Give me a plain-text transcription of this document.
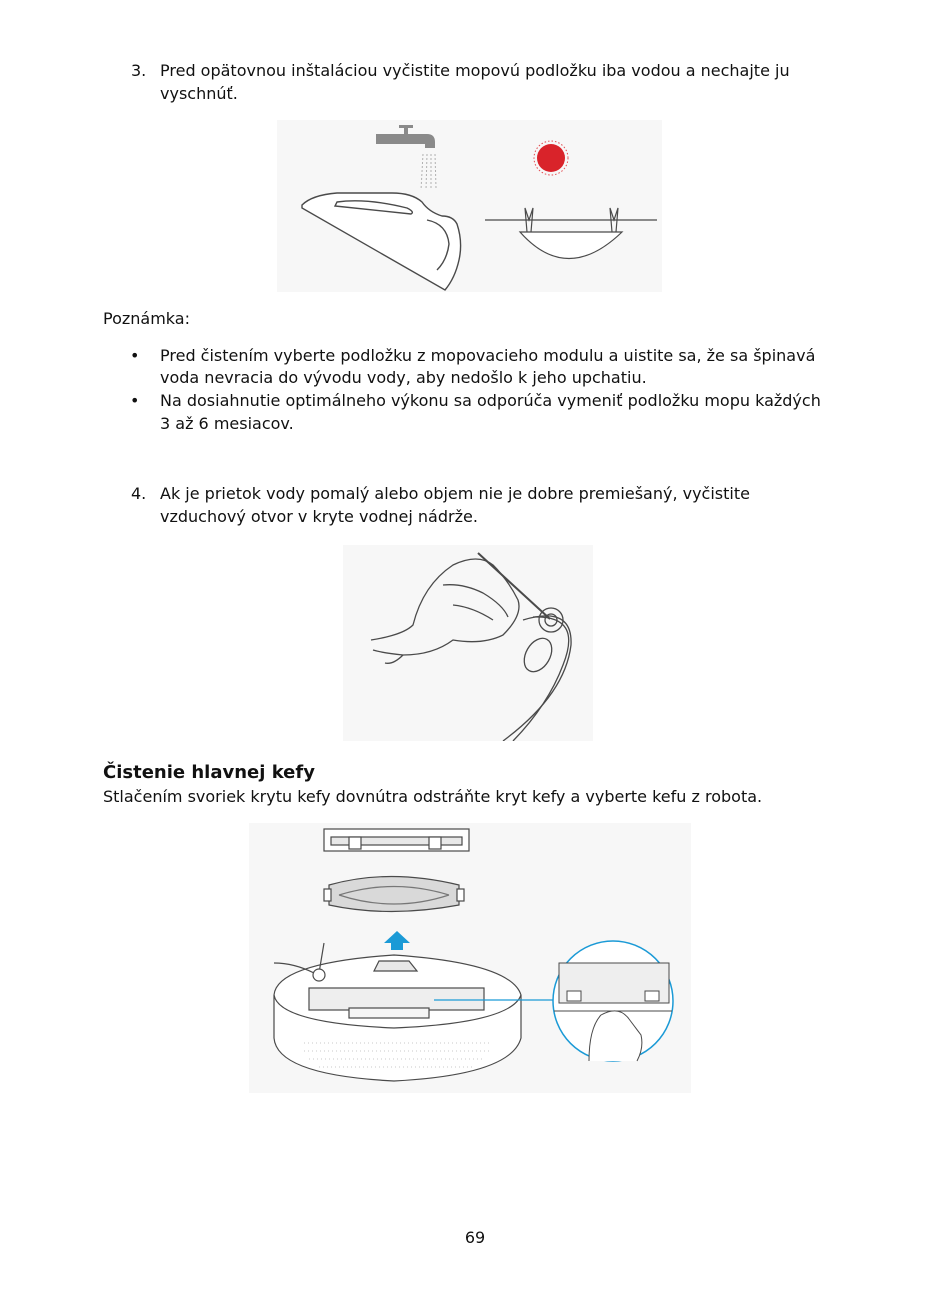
3. Pred opätovnou inštaláciou vyčistite mopovú podložku iba vodou a nechajte ju
vyschnúť.
Poznámka:
• Pred čistením vyberte podložku z mopovacieho modulu a uistite sa, že sa špinavá
voda nevracia do vývodu vody, aby nedošlo k jeho upchatiu.
• Na dosiahnutie optimálneho výkonu sa odporúča vymeniť podložku mopu každých
3 až 6 mesiacov.
4. Ak je prietok vody pomalý alebo objem nie je dobre premiešaný, vyčistite
vzduchový otvor v kryte vodnej nádrže.
Čistenie hlavnej kefy
Stlačením svoriek krytu kefy dovnútra odstráňte kryt kefy a vyberte kefu z robota.
69
